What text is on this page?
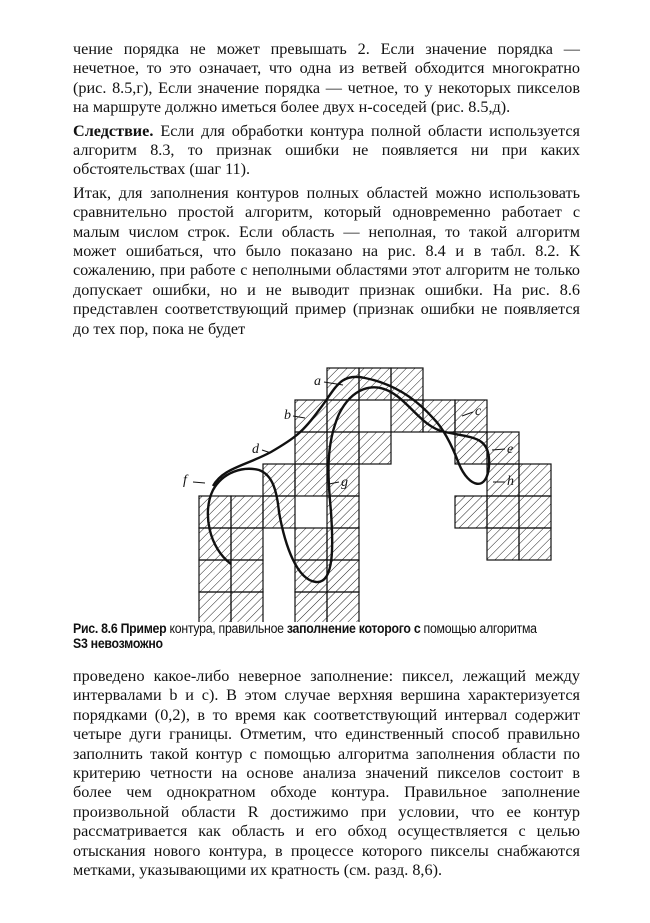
чение порядка не может превышать 2. Если значение порядка — нечетное, то это означает, что одна из ветвей обходится многократно (рис. 8.5,г), Если значение порядка — четное, то у некоторых пикселов на маршруте должно иметься более двух н-соседей (рис. 8.5,д).

Следствие. Если для обработки контура полной области используется алгоритм 8.3, то признак ошибки не появляется ни при каких обстоятельствах (шаг 11).

Итак, для заполнения контуров полных областей можно использовать сравнительно простой алгоритм, который одновременно работает с малым числом строк. Если область — неполная, то такой алгоритм может ошибаться, что было показано на рис. 8.4 и в табл. 8.2. К сожалению, при работе с неполными областями этот алгоритм не только допускает ошибки, но и не выводит признак ошибки. На рис. 8.6 представлен соответствующий пример (признак ошибки не появляется до тех пор, пока не будет

a
b	c
d	e
f	g	h
Рис. 8.6 Пример контура, правильное заполнение которого с помощью алгоритма S3 невозможно

проведено какое-либо неверное заполнение: пиксел, лежащий между интервалами b и c). В этом случае верхняя вершина характеризуется порядками (0,2), в то время как соответствующий интервал содержит четыре дуги границы. Отметим, что единственный способ правильно заполнить такой контур с помощью алгоритма заполнения области по критерию четности на основе анализа значений пикселов состоит в более чем однократном обходе контура. Правильное заполнение произвольной области R достижимо при условии, что ее контур рассматривается как область и его обход осуществляется с целью отыскания нового контура, в процессе которого пикселы снабжаются метками, указывающими их кратность (см. разд. 8,6).
